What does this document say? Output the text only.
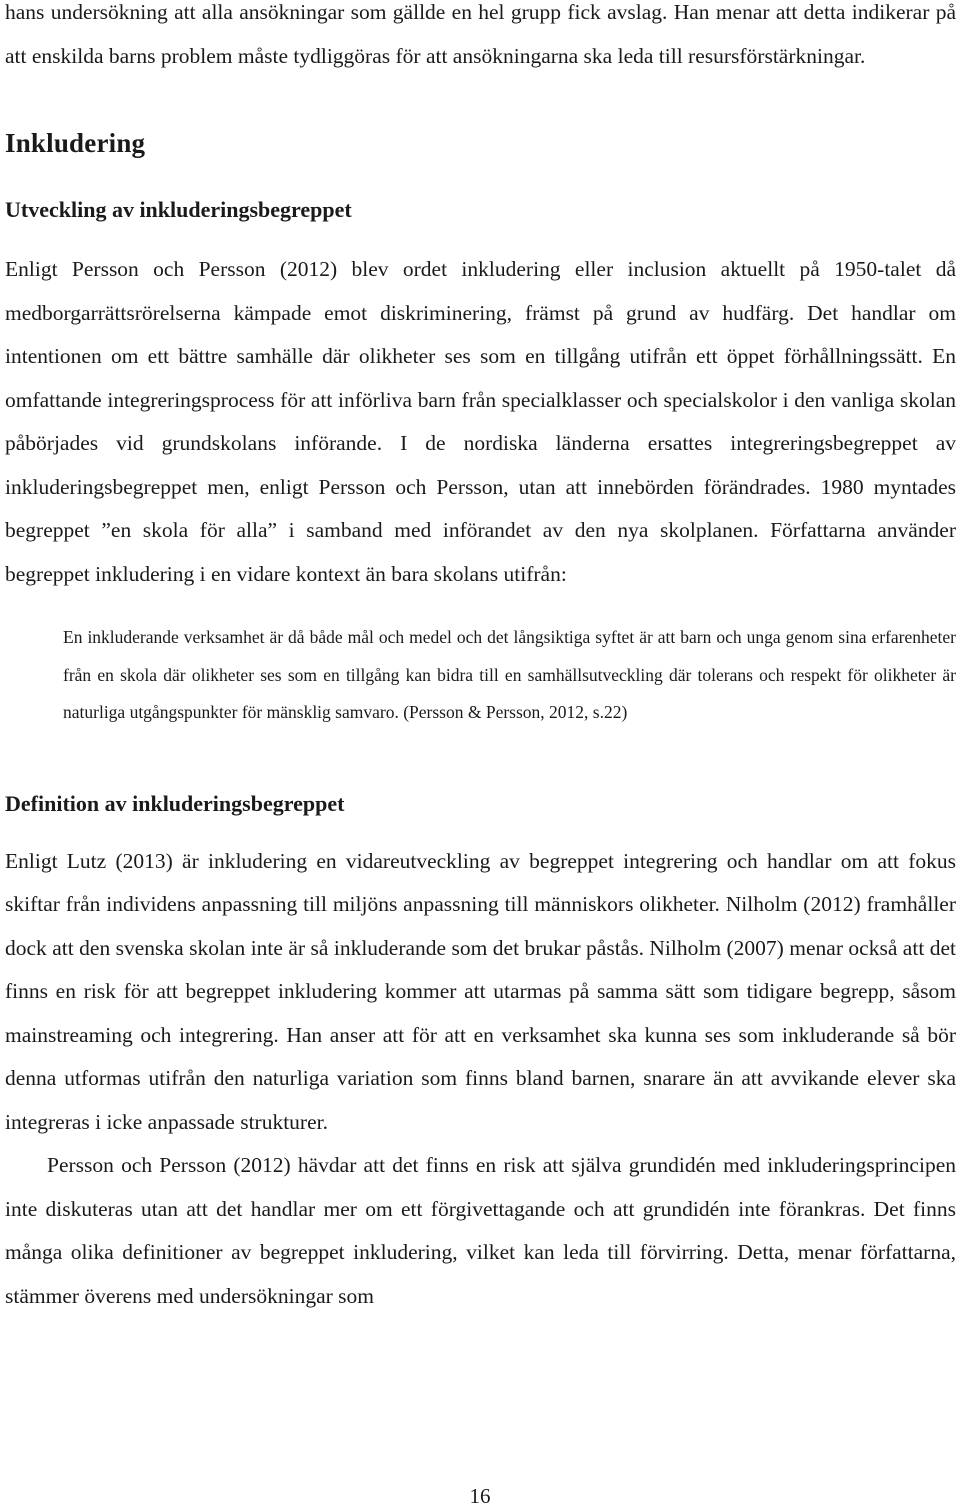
hans undersökning att alla ansökningar som gällde en hel grupp fick avslag. Han menar att detta indikerar på att enskilda barns problem måste tydliggöras för att ansökningarna ska leda till resursförstärkningar.

Inkludering
Utveckling av inkluderingsbegreppet

Enligt Persson och Persson (2012) blev ordet inkludering eller inclusion aktuellt på 1950-talet då medborgarrättsrörelserna kämpade emot diskriminering, främst på grund av hudfärg. Det handlar om intentionen om ett bättre samhälle där olikheter ses som en tillgång utifrån ett öppet förhållningssätt. En omfattande integreringsprocess för att införliva barn från specialklasser och specialskolor i den vanliga skolan påbörjades vid grundskolans införande. I de nordiska länderna ersattes integreringsbegreppet av inkluderingsbegreppet men, enligt Persson och Persson, utan att innebörden förändrades. 1980 myntades begreppet ”en skola för alla” i samband med införandet av den nya skolplanen. Författarna använder begreppet inkludering i en vidare kontext än bara skolans utifrån:

En inkluderande verksamhet är då både mål och medel och det långsiktiga syftet är att barn och unga genom sina erfarenheter från en skola där olikheter ses som en tillgång kan bidra till en samhällsutveckling där tolerans och respekt för olikheter är naturliga utgångspunkter för mänsklig samvaro. (Persson & Persson, 2012, s.22)
Definition av inkluderingsbegreppet

Enligt Lutz (2013) är inkludering en vidareutveckling av begreppet integrering och handlar om att fokus skiftar från individens anpassning till miljöns anpassning till människors olikheter. Nilholm (2012) framhåller dock att den svenska skolan inte är så inkluderande som det brukar påstås. Nilholm (2007) menar också att det finns en risk för att begreppet inkludering kommer att utarmas på samma sätt som tidigare begrepp, såsom mainstreaming och integrering. Han anser att för att en verksamhet ska kunna ses som inkluderande så bör denna utformas utifrån den naturliga variation som finns bland barnen, snarare än att avvikande elever ska integreras i icke anpassade strukturer.

Persson och Persson (2012) hävdar att det finns en risk att själva grundidén med inkluderingsprincipen inte diskuteras utan att det handlar mer om ett förgivettagande och att grundidén inte förankras. Det finns många olika definitioner av begreppet inkludering, vilket kan leda till förvirring. Detta, menar författarna, stämmer överens med undersökningar som

16
